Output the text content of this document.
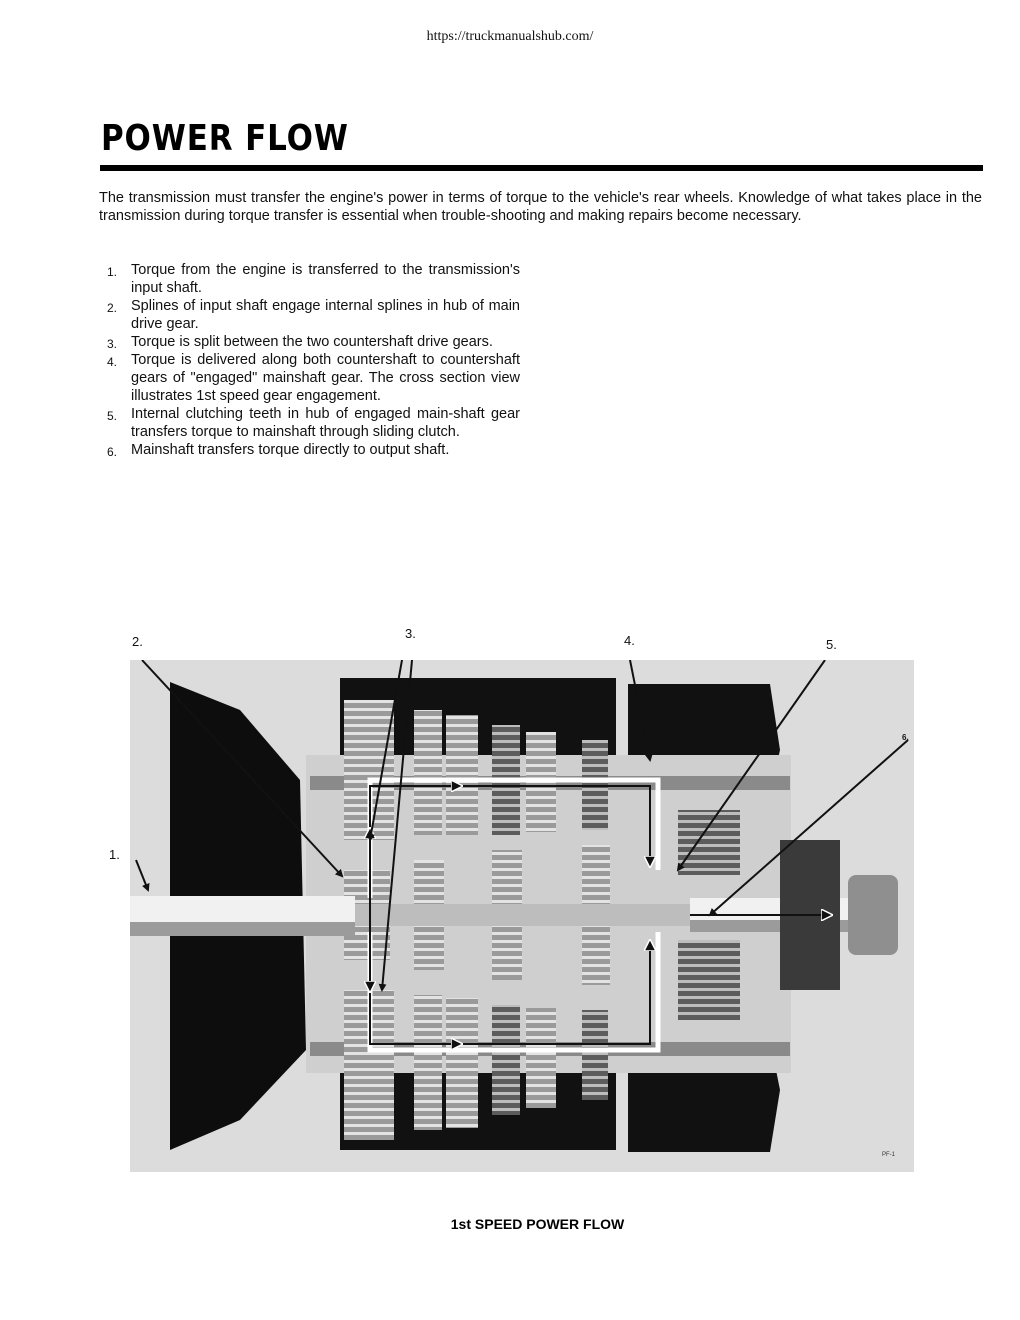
https://truckmanualshub.com/
POWER FLOW
The transmission must transfer the engine's power in terms of torque to the vehicle's rear wheels. Knowledge of what takes place in the transmission during torque transfer is essential when trouble-shooting and making repairs become necessary.
1. Torque from the engine is transferred to the transmission's input shaft.
2. Splines of input shaft engage internal splines in hub of main drive gear.
3. Torque is split between the two countershaft drive gears.
4. Torque is delivered along both countershaft to countershaft gears of "engaged" mainshaft gear. The cross section view illustrates 1st speed gear engagement.
5. Internal clutching teeth in hub of engaged main-shaft gear transfers torque to mainshaft through sliding clutch.
6. Mainshaft transfers torque directly to output shaft.
2.
3.	4.	5.
1.
6.
PF-1
1st SPEED POWER FLOW
